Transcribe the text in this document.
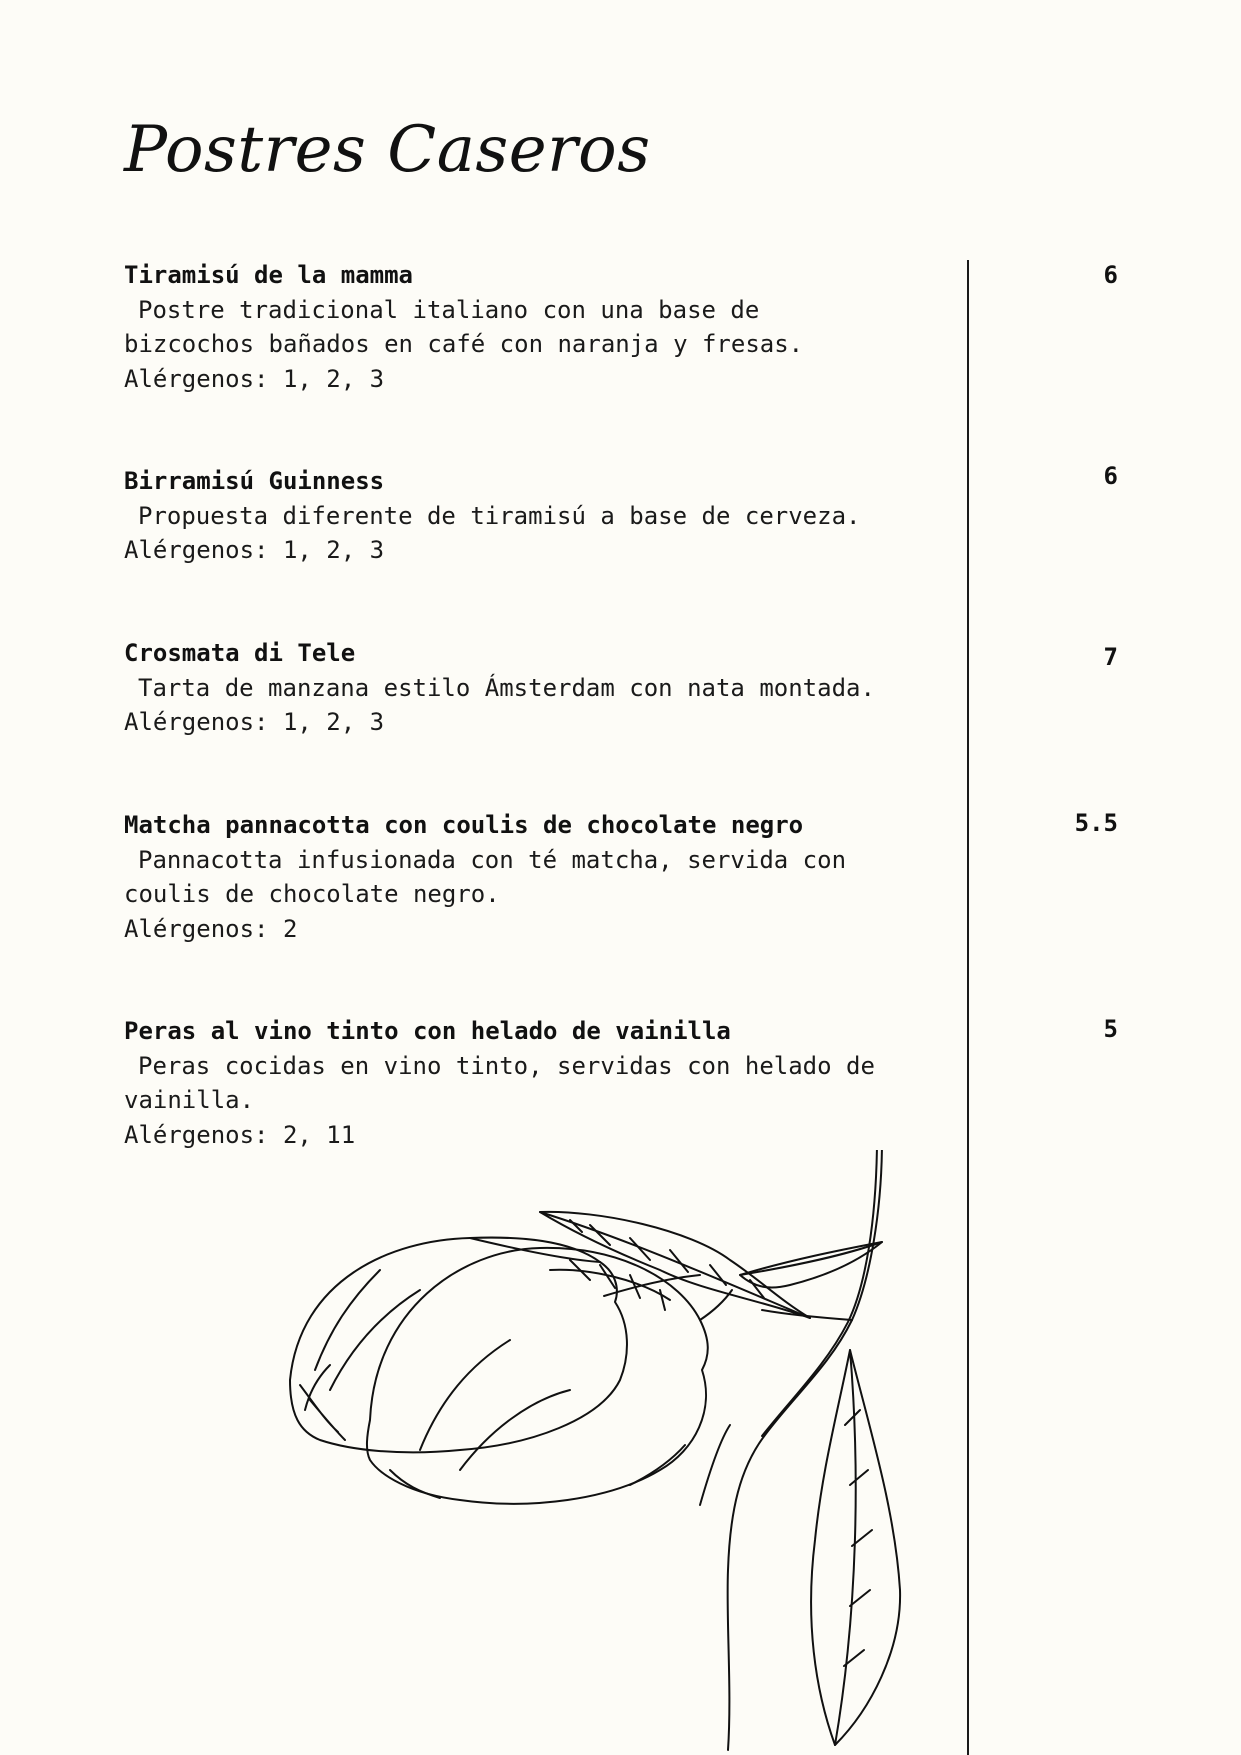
Postres Caseros
Tiramisú de la mamma
Postre tradicional italiano con una base de bizcochos bañados en café con naranja y fresas.
Alérgenos: 1, 2, 3
6
Birramisú Guinness
Propuesta diferente de tiramisú a base de cerveza.
Alérgenos: 1, 2, 3
6
Crosmata di Tele
Tarta de manzana estilo Ámsterdam con nata montada.
Alérgenos: 1, 2, 3
7
Matcha pannacotta con coulis de chocolate negro
Pannacotta infusionada con té matcha, servida con coulis de chocolate negro.
Alérgenos: 2
5.5
Peras al vino tinto con helado de vainilla
Peras cocidas en vino tinto, servidas con helado de vainilla.
Alérgenos: 2, 11
5
